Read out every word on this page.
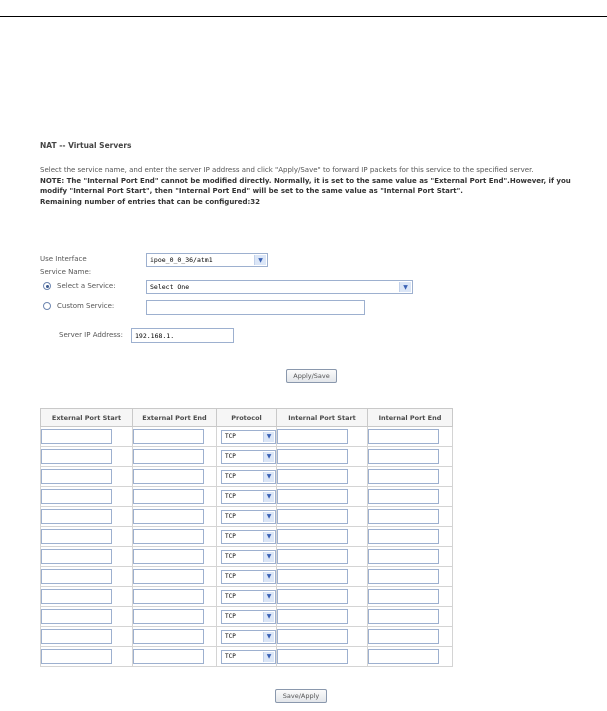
NAT -- Virtual Servers
Select the service name, and enter the server IP address and click "Apply/Save" to forward IP packets for this service to the specified server.
NOTE: The "Internal Port End" cannot be modified directly. Normally, it is set to the same value as "External Port End".However, if you modify "Internal Port Start", then "Internal Port End" will be set to the same value as "Internal Port Start".
Remaining number of entries that can be configured:32
Use Interface	ipoe_0_0_36/atm1	▼
Service Name:
Select a Service:	Select One	▼
Custom Service:
Server IP Address:	192.168.1.
Apply/Save
External Port Start	External Port End	Protocol	Internal Port Start	Internal Port End

		TCP ▼		

		TCP ▼		

		TCP ▼		

		TCP ▼		

		TCP ▼		

		TCP ▼		

		TCP ▼		

		TCP ▼		

		TCP ▼		

		TCP ▼		

		TCP ▼		

		TCP ▼		

Save/Apply
